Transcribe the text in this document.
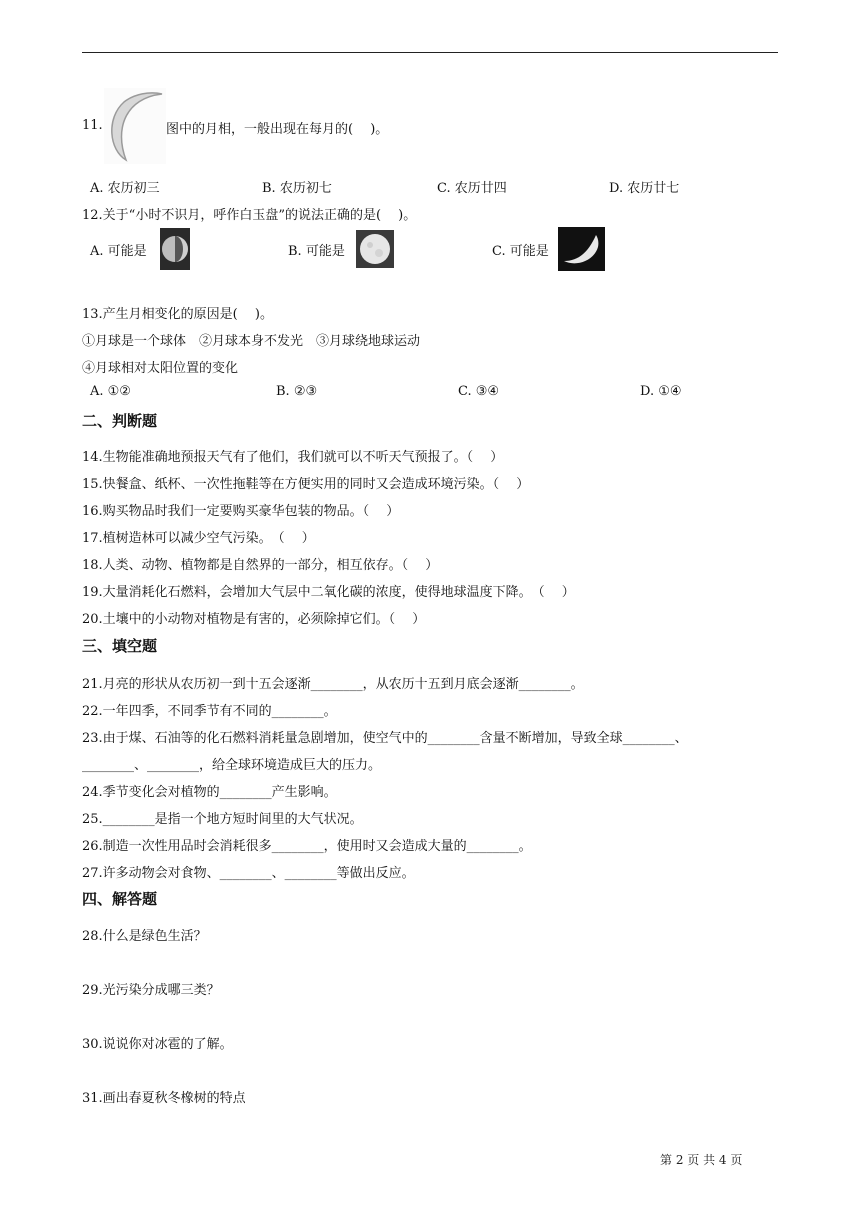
11.	图中的月相，一般出现在每月的(　 )。
A. 农历初三	B. 农历初七	C. 农历廿四	D. 农历廿七
12.关于“小时不识月，呼作白玉盘”的说法正确的是(　 )。
A. 可能是	B. 可能是	C. 可能是
13.产生月相变化的原因是(　 )。
①月球是一个球体　②月球本身不发光　③月球绕地球运动
④月球相对太阳位置的变化
A. ①②	B. ②③	C. ③④	D. ①④
二、判断题
14.生物能准确地预报天气有了他们，我们就可以不听天气预报了。（　 ）
15.快餐盒、纸杯、一次性拖鞋等在方便实用的同时又会造成环境污染。（　 ）
16.购买物品时我们一定要购买豪华包装的物品。（　 ）
17.植树造林可以减少空气污染。　（　 ）
18.人类、动物、植物都是自然界的一部分，相互依存。（　 ）
19.大量消耗化石燃料，会增加大气层中二氧化碳的浓度，使得地球温度下降。　（　 ）
20.土壤中的小动物对植物是有害的，必须除掉它们。（　 ）
三、填空题
21.月亮的形状从农历初一到十五会逐渐________，从农历十五到月底会逐渐________。
22.一年四季，不同季节有不同的________。
23.由于煤、石油等的化石燃料消耗量急剧增加，使空气中的________含量不断增加，导致全球________、
________、________，给全球环境造成巨大的压力。
24.季节变化会对植物的________产生影响。
25.________是指一个地方短时间里的大气状况。
26.制造一次性用品时会消耗很多________，使用时又会造成大量的________。
27.许多动物会对食物、________、________等做出反应。
四、解答题
28.什么是绿色生活？
29.光污染分成哪三类？
30.说说你对冰雹的了解。
31.画出春夏秋冬橡树的特点
第 2 页 共 4 页
